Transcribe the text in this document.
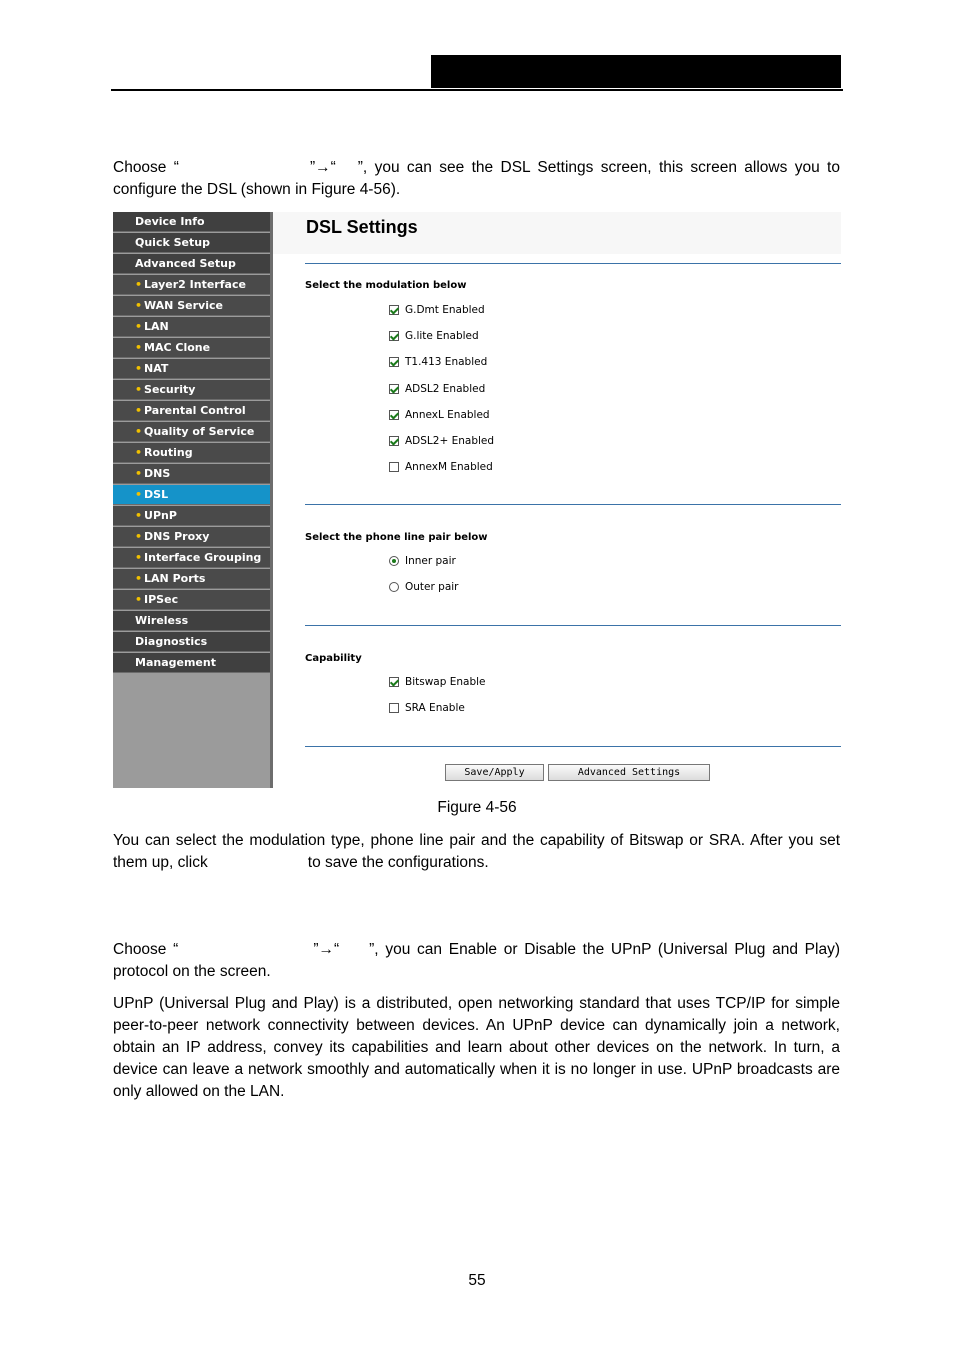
Choose “	”→“ ”, you can see the DSL Settings screen, this screen allows you to configure the DSL (shown in Figure 4-56).
Device Info
Quick Setup
Advanced Setup
• Layer2 Interface
• WAN Service
• LAN
• MAC Clone
• NAT
• Security
• Parental Control
• Quality of Service
• Routing
• DNS
• DSL
• UPnP
• DNS Proxy
• Interface Grouping
• LAN Ports
• IPSec
Wireless
Diagnostics
Management
DSL Settings
Select the modulation below
G.Dmt Enabled
G.lite Enabled
T1.413 Enabled
ADSL2 Enabled
AnnexL Enabled
ADSL2+ Enabled
AnnexM Enabled
Select the phone line pair below
Inner pair
Outer pair
Capability
Bitswap Enable
SRA Enable
Save/Apply	Advanced Settings
Figure 4-56
You can select the modulation type, phone line pair and the capability of Bitswap or SRA. After you set them up, click	to save the configurations.
Choose “	”→“ ”, you can Enable or Disable the UPnP (Universal Plug and Play) protocol on the screen.
UPnP (Universal Plug and Play) is a distributed, open networking standard that uses TCP/IP for simple peer-to-peer network connectivity between devices. An UPnP device can dynamically join a network, obtain an IP address, convey its capabilities and learn about other devices on the network. In turn, a device can leave a network smoothly and automatically when it is no longer in use. UPnP broadcasts are only allowed on the LAN.
55
